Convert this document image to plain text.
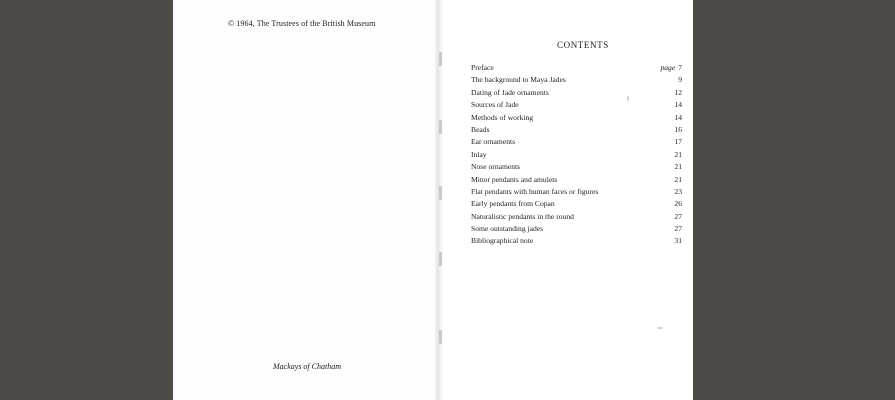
© 1964, The Trustees of the British Museum
Mackays of Chatham
CONTENTS
Preface	page 7
The background to Maya Jades	9
Dating of Jade ornaments	12
Sources of Jade	14
Methods of working	14
Beads	16
Ear ornaments	17
Inlay	21
Nose ornaments	21
Minor pendants and amulets	21
Flat pendants with human faces or figures	23
Early pendants from Copan	26
Naturalistic pendants in the round	27
Some outstanding jades	27
Bibliographical note	31
